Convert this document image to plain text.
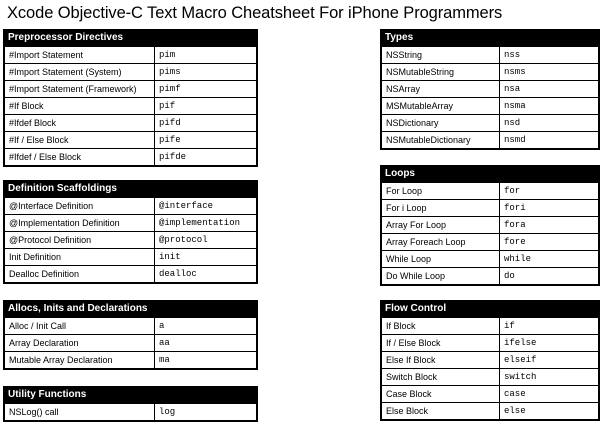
Xcode Objective-C Text Macro Cheatsheet For iPhone Programmers
Preprocessor Directives
#Import Statement	pim
#Import Statement (System)	pims
#Import Statement (Framework)	pimf
#If Block	pif
#Ifdef Block	pifd
#If / Else Block	pife
#Ifdef / Else Block	pifde
Definition Scaffoldings
@Interface Definition	@interface
@Implementation Definition	@implementation
@Protocol Definition	@protocol
Init Definition	init
Dealloc Definition	dealloc
Allocs, Inits and Declarations
Alloc / Init Call	a
Array Declaration	aa
Mutable Array Declaration	ma
Utility Functions
NSLog() call	log
Types
NSString	nss
NSMutableString	nsms
NSArray	nsa
MSMutableArray	nsma
NSDictionary	nsd
NSMutableDictionary	nsmd
Loops
For Loop	for
For i Loop	fori
Array For Loop	fora
Array Foreach Loop	fore
While Loop	while
Do While Loop	do
Flow Control
If Block	if
If / Else Block	ifelse
Else If Block	elseif
Switch Block	switch
Case Block	case
Else Block	else
